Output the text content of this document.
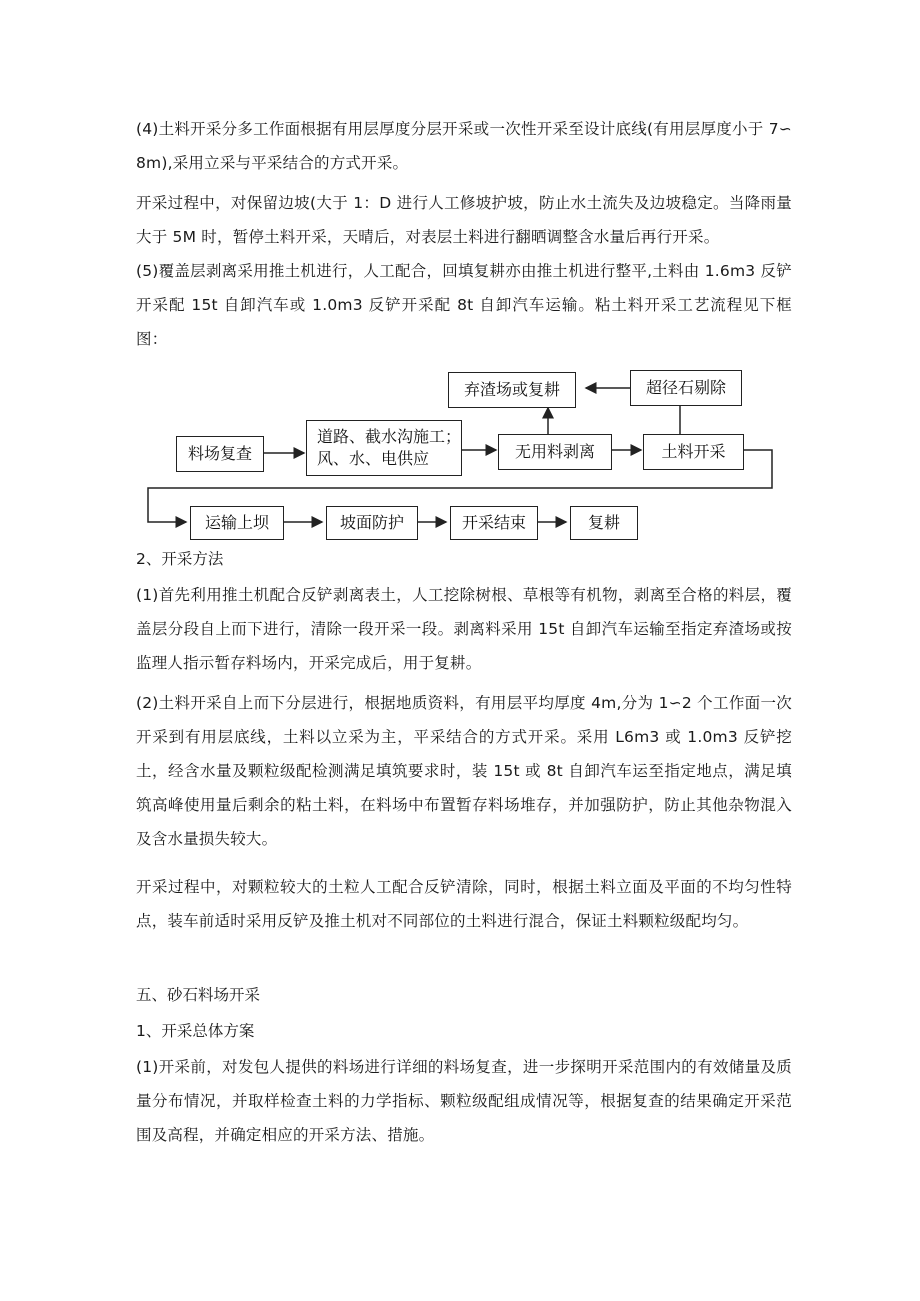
(4)土料开采分多工作面根据有用层厚度分层开采或一次性开采至设计底线(有用层厚度小于 7∽8m),采用立采与平采结合的方式开采。

开采过程中，对保留边坡(大于 1：D 进行人工修坡护坡，防止水土流失及边坡稳定。当降雨量大于 5M 时，暂停土料开采，天晴后，对表层土料进行翻晒调整含水量后再行开采。

(5)覆盖层剥离采用推土机进行，人工配合，回填复耕亦由推土机进行整平,土料由 1.6m3 反铲开采配 15t 自卸汽车或 1.0m3 反铲开采配 8t 自卸汽车运输。粘土料开采工艺流程见下框图：

弃渣场或复耕	超径石剔除
料场复查
道路、截水沟施工；
风、水、电供应	无用料剥离	土料开采
运输上坝	坡面防护	开采结束	复耕

2、开采方法

(1)首先利用推土机配合反铲剥离表土，人工挖除树根、草根等有机物，剥离至合格的料层，覆盖层分段自上而下进行，清除一段开采一段。剥离料采用 15t 自卸汽车运输至指定弃渣场或按监理人指示暂存料场内，开采完成后，用于复耕。

(2)土料开采自上而下分层进行，根据地质资料，有用层平均厚度 4m,分为 1∽2 个工作面一次开采到有用层底线，土料以立采为主，平采结合的方式开采。采用 L6m3 或 1.0m3 反铲挖土，经含水量及颗粒级配检测满足填筑要求时，装 15t 或 8t 自卸汽车运至指定地点，满足填筑高峰使用量后剩余的粘土料，在料场中布置暂存料场堆存，并加强防护，防止其他杂物混入及含水量损失较大。

开采过程中，对颗粒较大的土粒人工配合反铲清除，同时，根据土料立面及平面的不均匀性特点，装车前适时采用反铲及推土机对不同部位的土料进行混合，保证土料颗粒级配均匀。

五、砂石料场开采

1、开采总体方案

(1)开采前，对发包人提供的料场进行详细的料场复查，进一步探明开采范围内的有效储量及质量分布情况，并取样检查土料的力学指标、颗粒级配组成情况等，根据复查的结果确定开采范围及高程，并确定相应的开采方法、措施。
